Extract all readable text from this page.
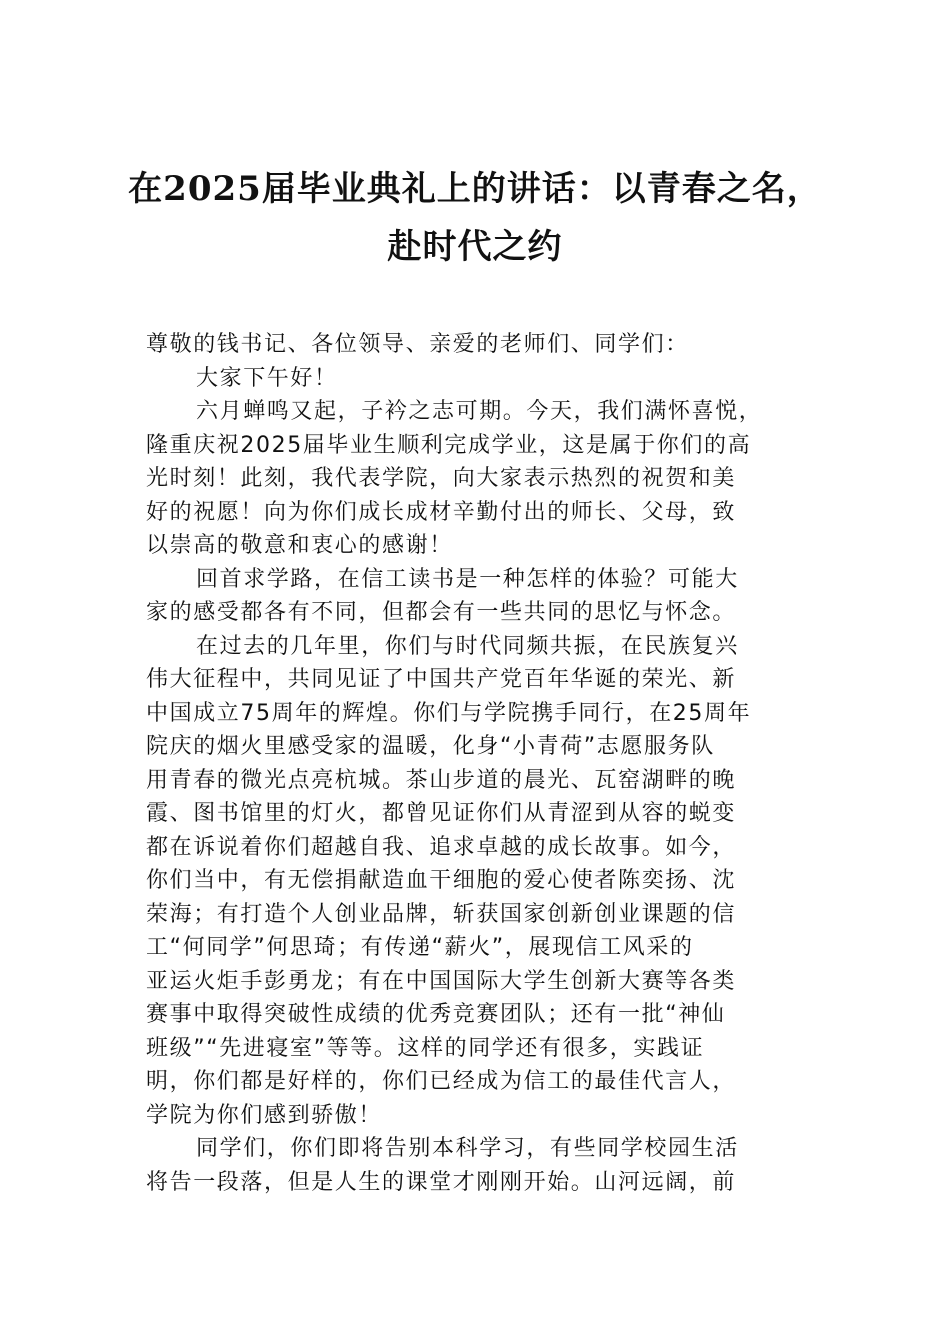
在2025届毕业典礼上的讲话：以青春之名，
赴时代之约
尊敬的钱书记、各位领导、亲爱的老师们、同学们：
大家下午好！
六月蝉鸣又起，子衿之志可期。今天，我们满怀喜悦，
隆重庆祝2025届毕业生顺利完成学业，这是属于你们的高
光时刻！此刻，我代表学院，向大家表示热烈的祝贺和美
好的祝愿！向为你们成长成材辛勤付出的师长、父母，致
以崇高的敬意和衷心的感谢！
回首求学路，在信工读书是一种怎样的体验？可能大
家的感受都各有不同，但都会有一些共同的思忆与怀念。
在过去的几年里，你们与时代同频共振，在民族复兴
伟大征程中，共同见证了中国共产党百年华诞的荣光、新
中国成立75周年的辉煌。你们与学院携手同行，在25周年
院庆的烟火里感受家的温暖，化身“小青荷”志愿服务队
用青春的微光点亮杭城。茶山步道的晨光、瓦窑湖畔的晚
霞、图书馆里的灯火，都曾见证你们从青涩到从容的蜕变
都在诉说着你们超越自我、追求卓越的成长故事。如今，
你们当中，有无偿捐献造血干细胞的爱心使者陈奕扬、沈
荣海；有打造个人创业品牌，斩获国家创新创业课题的信
工“何同学”何思琦；有传递“薪火”，展现信工风采的
亚运火炬手彭勇龙；有在中国国际大学生创新大赛等各类
赛事中取得突破性成绩的优秀竞赛团队；还有一批“神仙
班级”“先进寝室”等等。这样的同学还有很多，实践证
明，你们都是好样的，你们已经成为信工的最佳代言人，
学院为你们感到骄傲！
同学们，你们即将告别本科学习，有些同学校园生活
将告一段落，但是人生的课堂才刚刚开始。山河远阔，前
